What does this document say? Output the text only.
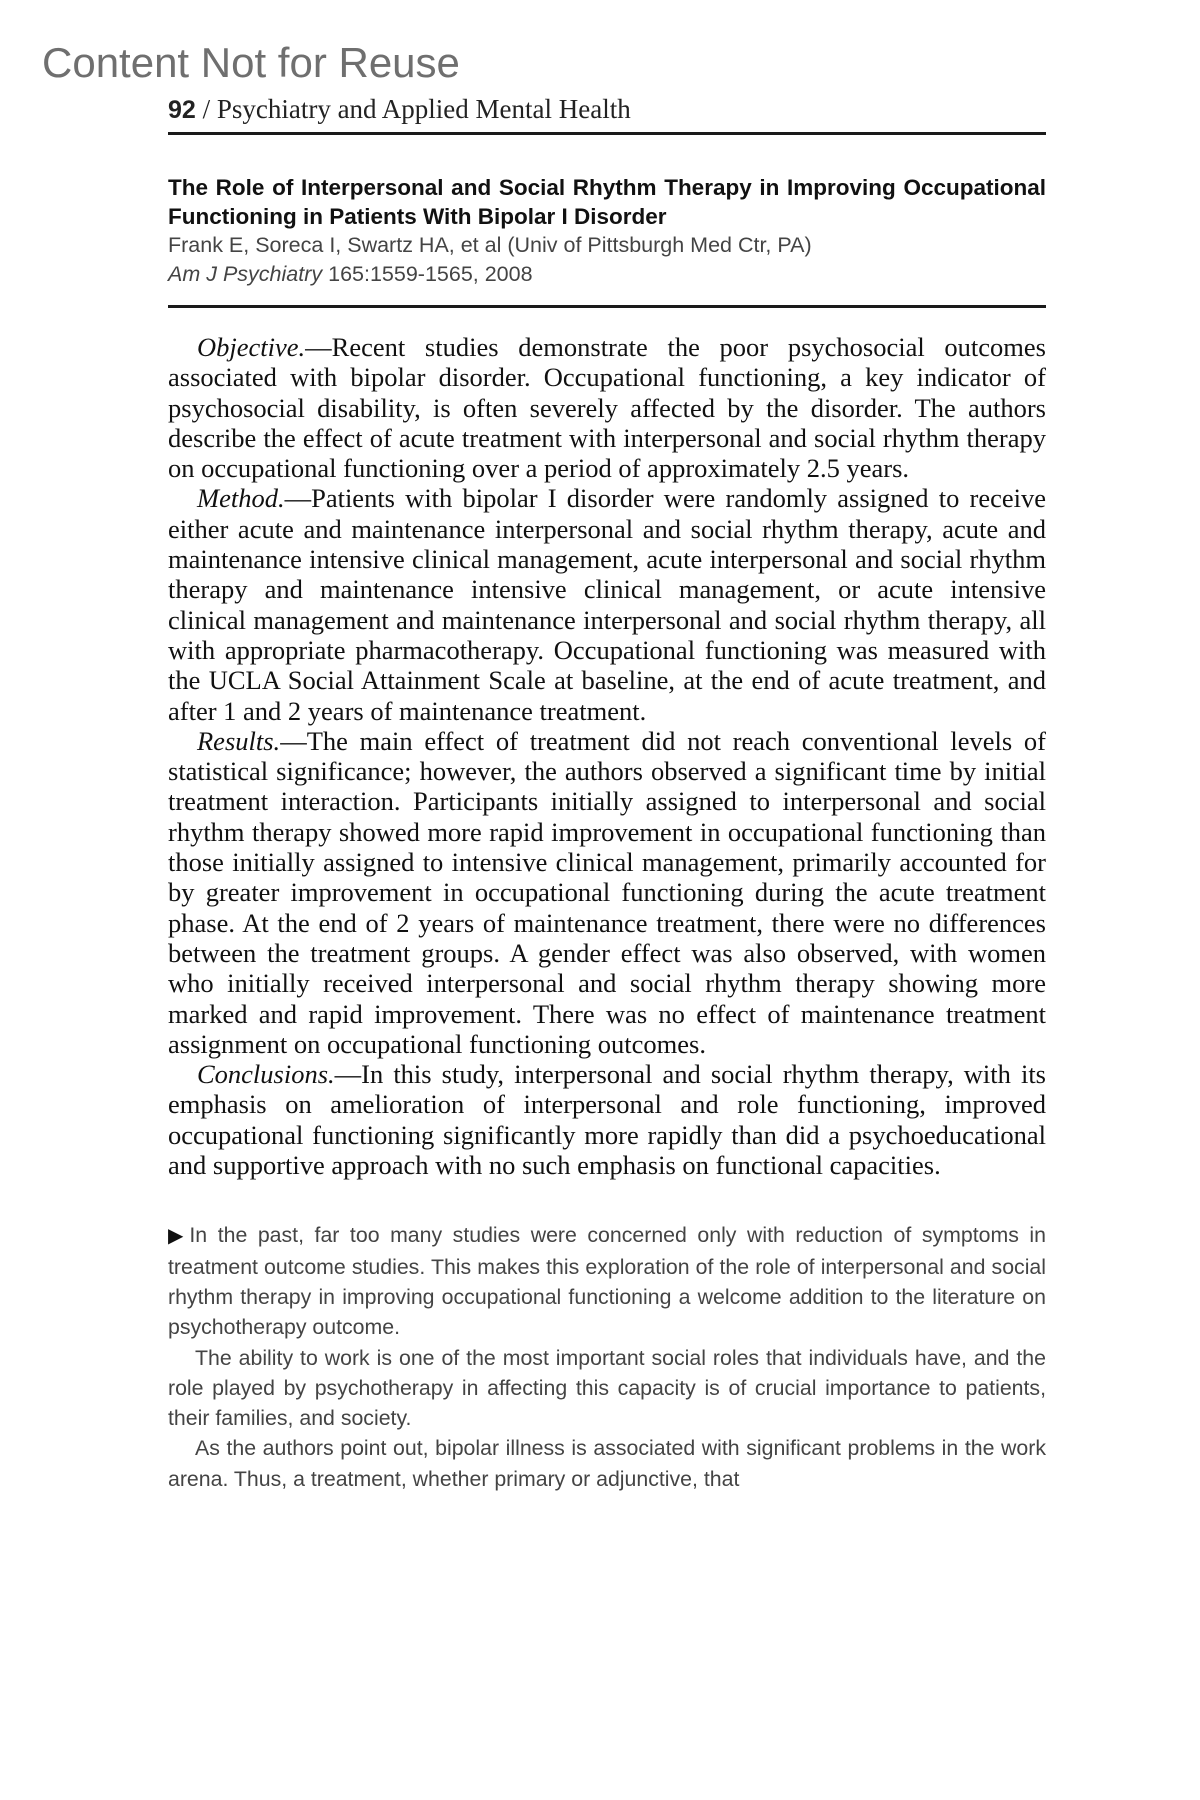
Content Not for Reuse
92 / Psychiatry and Applied Mental Health

The Role of Interpersonal and Social Rhythm Therapy in Improving Occupational Functioning in Patients With Bipolar I Disorder

Frank E, Soreca I, Swartz HA, et al (Univ of Pittsburgh Med Ctr, PA)

Am J Psychiatry 165:1559-1565, 2008

Objective.—Recent studies demonstrate the poor psychosocial outcomes associated with bipolar disorder. Occupational functioning, a key indicator of psychosocial disability, is often severely affected by the disorder. The authors describe the effect of acute treatment with interpersonal and social rhythm therapy on occupational functioning over a period of approximately 2.5 years.

Method.—Patients with bipolar I disorder were randomly assigned to receive either acute and maintenance interpersonal and social rhythm therapy, acute and maintenance intensive clinical management, acute interpersonal and social rhythm therapy and maintenance intensive clinical management, or acute intensive clinical management and maintenance interpersonal and social rhythm therapy, all with appropriate pharmacotherapy. Occupational functioning was measured with the UCLA Social Attainment Scale at baseline, at the end of acute treatment, and after 1 and 2 years of maintenance treatment.

Results.—The main effect of treatment did not reach conventional levels of statistical significance; however, the authors observed a significant time by initial treatment interaction. Participants initially assigned to interpersonal and social rhythm therapy showed more rapid improvement in occupational functioning than those initially assigned to intensive clinical management, primarily accounted for by greater improvement in occupational functioning during the acute treatment phase. At the end of 2 years of maintenance treatment, there were no differences between the treatment groups. A gender effect was also observed, with women who initially received interpersonal and social rhythm therapy showing more marked and rapid improvement. There was no effect of maintenance treatment assignment on occupational functioning outcomes.

Conclusions.—In this study, interpersonal and social rhythm therapy, with its emphasis on amelioration of interpersonal and role functioning, improved occupational functioning significantly more rapidly than did a psychoeducational and supportive approach with no such emphasis on functional capacities.

▶ In the past, far too many studies were concerned only with reduction of symptoms in treatment outcome studies. This makes this exploration of the role of interpersonal and social rhythm therapy in improving occupational functioning a welcome addition to the literature on psychotherapy outcome.

The ability to work is one of the most important social roles that individuals have, and the role played by psychotherapy in affecting this capacity is of crucial importance to patients, their families, and society.

As the authors point out, bipolar illness is associated with significant problems in the work arena. Thus, a treatment, whether primary or adjunctive, that
